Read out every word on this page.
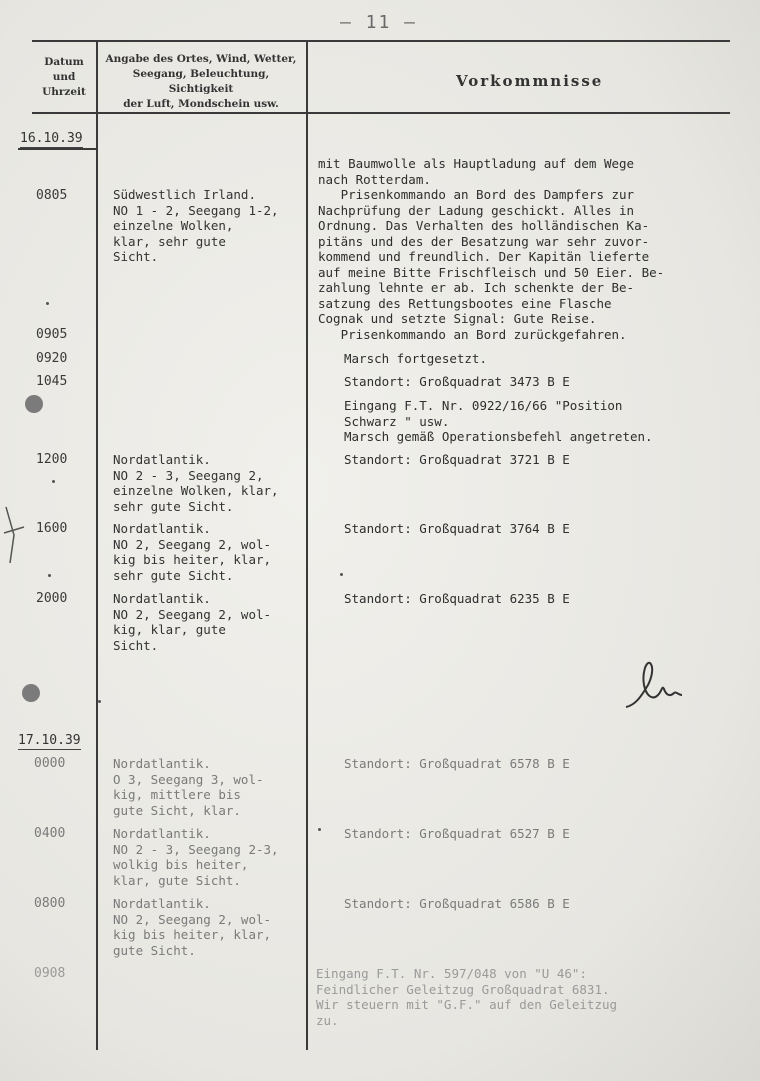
— 11 —
Datum
und
Uhrzeit
Angabe des Ortes, Wind, Wetter,
Seegang, Beleuchtung, Sichtigkeit
der Luft, Mondschein usw.
Vorkommnisse
16.10.39
17.10.39
0805
0905
0920
1045
1200
1600
2000
0000
0400
0800
0908
Südwestlich Irland.
NO 1 - 2, Seegang 1-2,
einzelne Wolken,
klar, sehr gute
Sicht.
Nordatlantik.
NO 2 - 3, Seegang 2,
einzelne Wolken, klar,
sehr gute Sicht.
Nordatlantik.
NO 2, Seegang 2, wol-
kig bis heiter, klar,
sehr gute Sicht.
Nordatlantik.
NO 2, Seegang 2, wol-
kig, klar, gute
Sicht.
Nordatlantik.
O 3, Seegang 3, wol-
kig, mittlere bis
gute Sicht, klar.
Nordatlantik.
NO 2 - 3, Seegang 2-3,
wolkig bis heiter,
klar, gute Sicht.
Nordatlantik.
NO 2, Seegang 2, wol-
kig bis heiter, klar,
gute Sicht.
mit Baumwolle als Hauptladung auf dem Wege
nach Rotterdam.
Prisenkommando an Bord des Dampfers zur
Nachprüfung der Ladung geschickt. Alles in
Ordnung. Das Verhalten des holländischen Ka-
pitäns und des der Besatzung war sehr zuvor-
kommend und freundlich. Der Kapitän lieferte
auf meine Bitte Frischfleisch und 50 Eier. Be-
zahlung lehnte er ab. Ich schenkte der Be-
satzung des Rettungsbootes eine Flasche
Cognak und setzte Signal: Gute Reise.
Prisenkommando an Bord zurückgefahren.
Marsch fortgesetzt.
Standort: Großquadrat 3473 B E
Eingang F.T. Nr. 0922/16/66 "Position
Schwarz " usw.
Marsch gemäß Operationsbefehl angetreten.
Standort: Großquadrat 3721 B E
Standort: Großquadrat 3764 B E
Standort: Großquadrat 6235 B E
Standort: Großquadrat 6578 B E
Standort: Großquadrat 6527 B E
Standort: Großquadrat 6586 B E
Eingang F.T. Nr. 597/048 von "U 46":
Feindlicher Geleitzug Großquadrat 6831.
Wir steuern mit "G.F." auf den Geleitzug
zu.
